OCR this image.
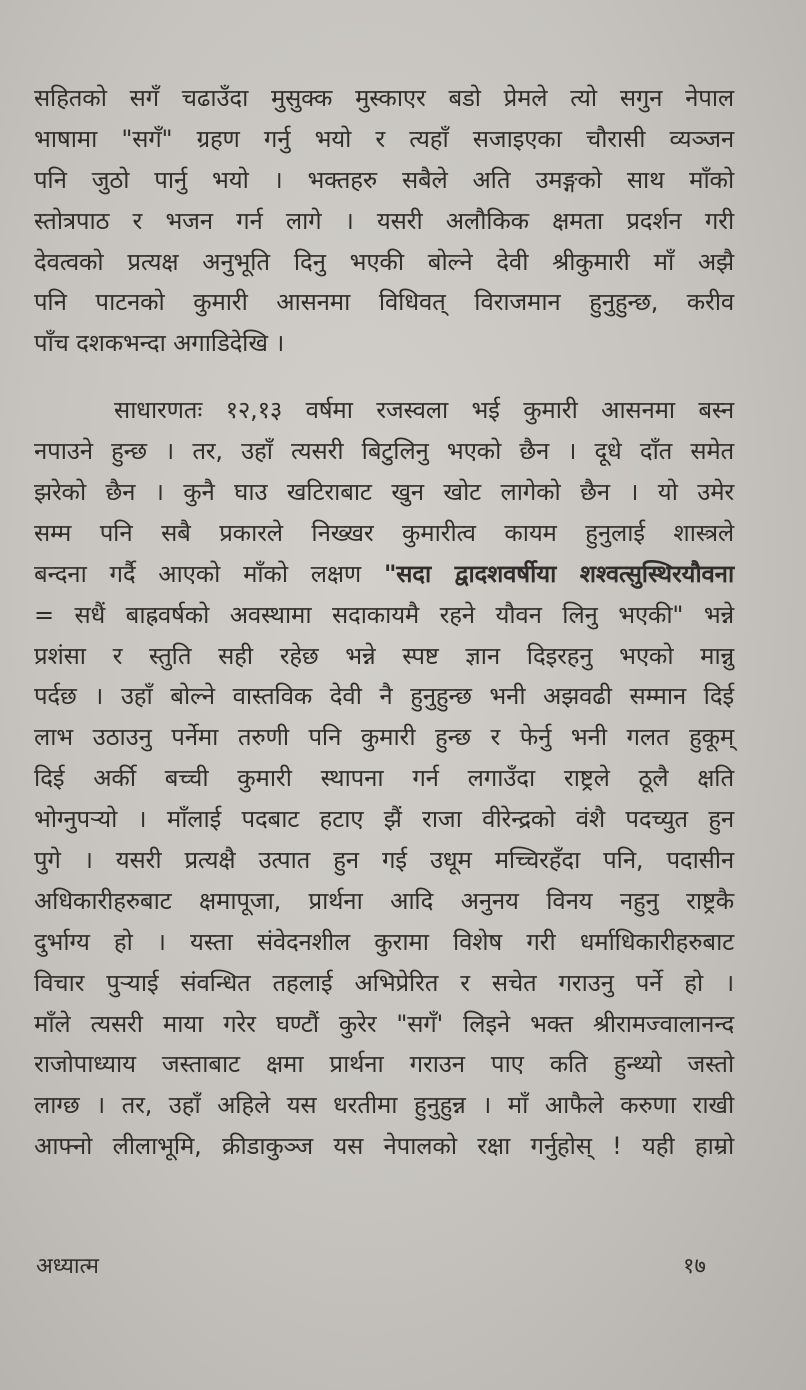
सहितको सगँ चढाउँदा मुसुक्क मुस्काएर बडो प्रेमले त्यो सगुन नेपाल
भाषामा "सगँ" ग्रहण गर्नु भयो र त्यहाँ सजाइएका चौरासी व्यञ्जन
पनि जुठो पार्नु भयो । भक्तहरु सबैले अति उमङ्गको साथ माँको
स्तोत्रपाठ र भजन गर्न लागे । यसरी अलौकिक क्षमता प्रदर्शन गरी
देवत्वको प्रत्यक्ष अनुभूति दिनु भएकी बोल्ने देवी श्रीकुमारी माँ अझै
पनि पाटनको कुमारी आसनमा विधिवत् विराजमान हुनुहुन्छ, करीव
पाँच दशकभन्दा अगाडिदेखि ।
साधारणतः १२,१३ वर्षमा रजस्वला भई कुमारी आसनमा बस्न
नपाउने हुन्छ । तर, उहाँ त्यसरी बिटुलिनु भएको छैन । दूधे दाँत समेत
झरेको छैन । कुनै घाउ खटिराबाट खुन खोट लागेको छैन । यो उमेर
सम्म पनि सबै प्रकारले निख्खर कुमारीत्व कायम हुनुलाई शास्त्रले
बन्दना गर्दै आएको माँको लक्षण "सदा द्वादशवर्षीया शश्वत्सुस्थिरयौवना
= सधैं बाह्रवर्षको अवस्थामा सदाकायमै रहने यौवन लिनु भएकी" भन्ने
प्रशंसा र स्तुति सही रहेछ भन्ने स्पष्ट ज्ञान दिइरहनु भएको मान्नु
पर्दछ । उहाँ बोल्ने वास्तविक देवी नै हुनुहुन्छ भनी अझवढी सम्मान दिई
लाभ उठाउनु पर्नेमा तरुणी पनि कुमारी हुन्छ र फेर्नु भनी गलत हुकूम्
दिई अर्की बच्ची कुमारी स्थापना गर्न लगाउँदा राष्ट्रले ठूलै क्षति
भोग्नुपर्‍यो । माँलाई पदबाट हटाए झैं राजा वीरेन्द्रको वंशै पदच्युत हुन
पुगे । यसरी प्रत्यक्षै उत्पात हुन गई उधूम मच्चिरहँदा पनि, पदासीन
अधिकारीहरुबाट क्षमापूजा, प्रार्थना आदि अनुनय विनय नहुनु राष्ट्रकै
दुर्भाग्य हो । यस्ता संवेदनशील कुरामा विशेष गरी धर्माधिकारीहरुबाट
विचार पुर्‍याई संवन्धित तहलाई अभिप्रेरित र सचेत गराउनु पर्ने हो ।
माँले त्यसरी माया गरेर घण्टौं कुरेर "सगँ' लिइने भक्त श्रीरामज्वालानन्द
राजोपाध्याय जस्ताबाट क्षमा प्रार्थना गराउन पाए कति हुन्थ्यो जस्तो
लाग्छ । तर, उहाँ अहिले यस धरतीमा हुनुहुन्न । माँ आफैले करुणा राखी
आफ्नो लीलाभूमि, क्रीडाकुञ्ज यस नेपालको रक्षा गर्नुहोस् ! यही हाम्रो
अध्यात्म	१७
